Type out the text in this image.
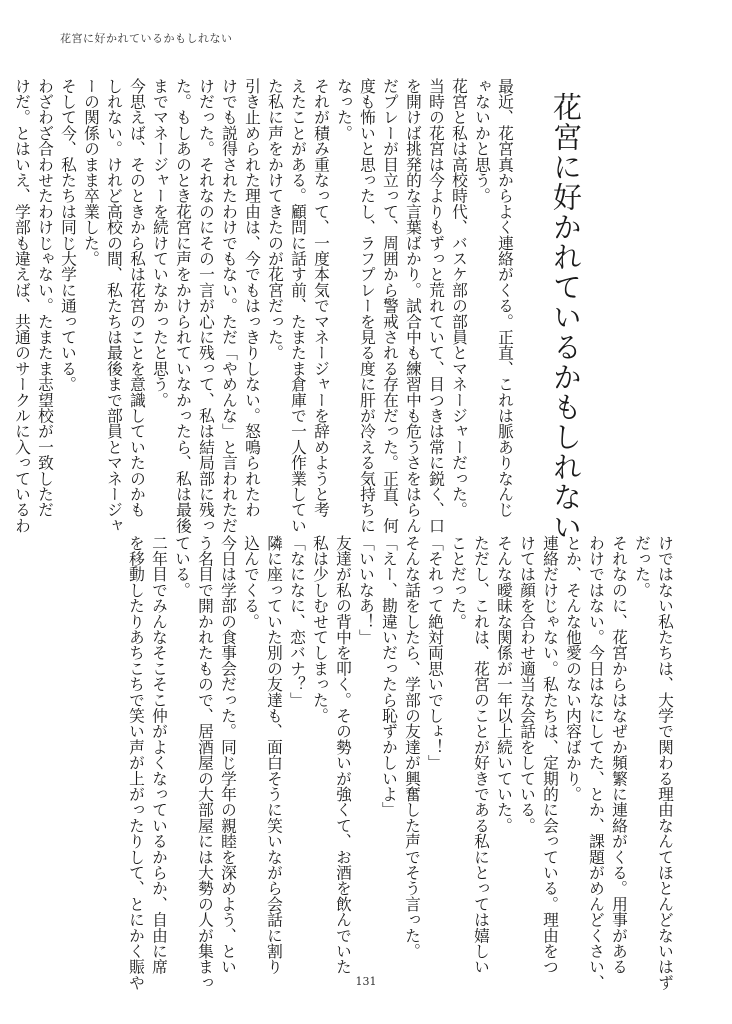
花宮に好かれているかもしれない
花宮に好かれているかもしれない
最近、花宮真からよく連絡がくる。正直、これは脈ありなんじ
ゃないかと思う。
花宮と私は高校時代、バスケ部の部員とマネージャーだった。
当時の花宮は今よりもずっと荒れていて、目つきは常に鋭く、口
を開けば挑発的な言葉ばかり。試合中も練習中も危うさをはらん
だプレーが目立って、周囲から警戒される存在だった。正直、何
度も怖いと思ったし、ラフプレーを見る度に肝が冷える気持ちに
なった。
それが積み重なって、一度本気でマネージャーを辞めようと考
えたことがある。顧問に話す前、たまたま倉庫で一人作業してい
た私に声をかけてきたのが花宮だった。
引き止められた理由は、今でもはっきりしない。怒鳴られたわ
けでも説得されたわけでもない。ただ「やめんな」と言われただ
けだった。それなのにその一言が心に残って、私は結局部に残っ
た。もしあのとき花宮に声をかけられていなかったら、私は最後
までマネージャーを続けていなかったと思う。
今思えば、そのときから私は花宮のことを意識していたのかも
しれない。けれど高校の間、私たちは最後まで部員とマネージャ
ーの関係のまま卒業した。
そして今、私たちは同じ大学に通っている。
わざわざ合わせたわけじゃない。たまたま志望校が一致しただ
けだ。とはいえ、学部も違えば、共通のサークルに入っているわ
けではない私たちは、大学で関わる理由なんてほとんどないはず
だった。
それなのに、花宮からはなぜか頻繁に連絡がくる。用事がある
わけではない。今日はなにしてた、とか、課題がめんどくさい、
とか、そんな他愛のない内容ばかり。
連絡だけじゃない。私たちは、定期的に会っている。理由をつ
けては顔を合わせ適当な会話をしている。
そんな曖昧な関係が一年以上続いていた。
ただし、これは、花宮のことが好きである私にとっては嬉しい
ことだった。
「それって絶対両思いでしょ！」
そんな話をしたら、学部の友達が興奮した声でそう言った。
「えー、勘違いだったら恥ずかしいよ」
「いいなあ！」
友達が私の背中を叩く。その勢いが強くて、お酒を飲んでいた
私は少しむせてしまった。
「なになに、恋バナ？」
隣に座っていた別の友達も、面白そうに笑いながら会話に割り
込んでくる。
今日は学部の食事会だった。同じ学年の親睦を深めよう、とい
う名目で開かれたもので、居酒屋の大部屋には大勢の人が集まっ
ている。
二年目でみんなそこそこ仲がよくなっているからか、自由に席
を移動したりあちこちで笑い声が上がったりして、とにかく賑や	131
